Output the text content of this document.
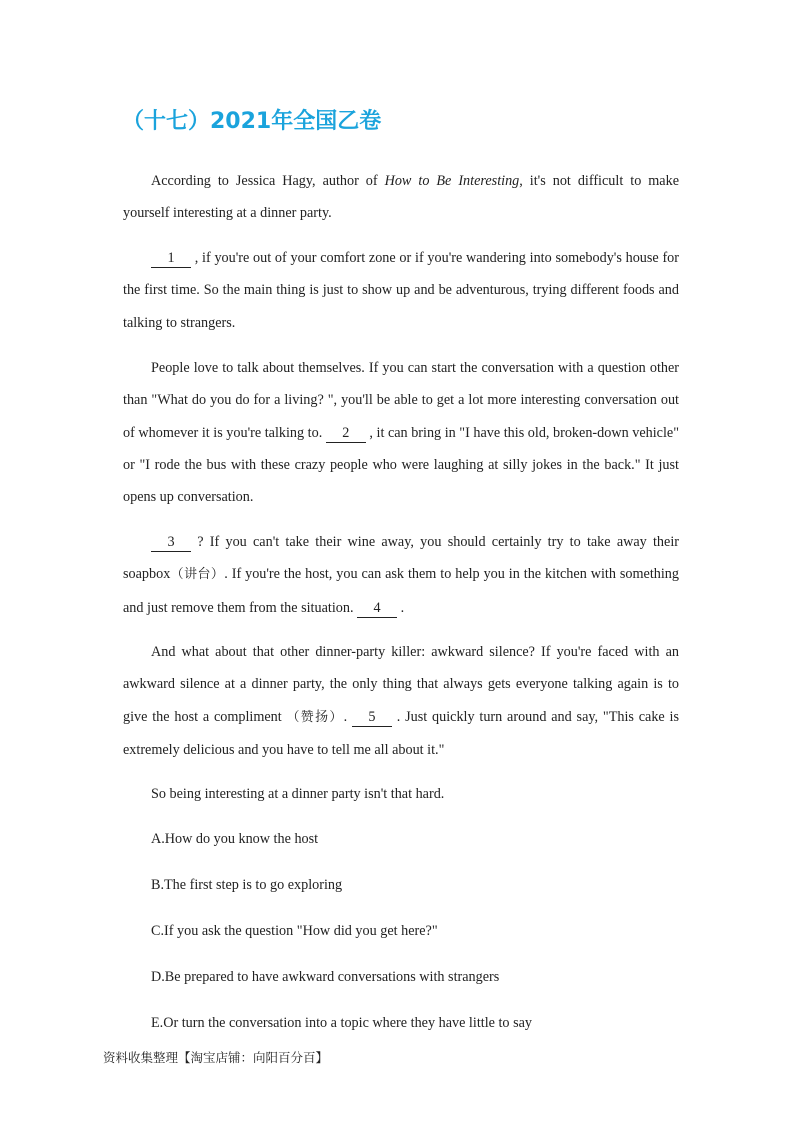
（十七）2021年全国乙卷

According to Jessica Hagy, author of How to Be Interesting, it's not difficult to make yourself interesting at a dinner party.

1 , if you're out of your comfort zone or if you're wandering into somebody's house for the first time. So the main thing is just to show up and be adventurous, trying different foods and talking to strangers.

People love to talk about themselves. If you can start the conversation with a question other than "What do you do for a living? ", you'll be able to get a lot more interesting conversation out of whomever it is you're talking to. 2 , it can bring in "I have this old, broken-down vehicle" or "I rode the bus with these crazy people who were laughing at silly jokes in the back." It just opens up conversation.

3 ? If you can't take their wine away, you should certainly try to take away their soapbox（讲台）. If you're the host, you can ask them to help you in the kitchen with something and just remove them from the situation. 4 .

And what about that other dinner-party killer: awkward silence? If you're faced with an awkward silence at a dinner party, the only thing that always gets everyone talking again is to give the host a compliment （赞扬）. 5 . Just quickly turn around and say, "This cake is extremely delicious and you have to tell me all about it."

So being interesting at a dinner party isn't that hard.

A.How do you know the host
B.The first step is to go exploring
C.If you ask the question "How did you get here?"
D.Be prepared to have awkward conversations with strangers
E.Or turn the conversation into a topic where they have little to say
资料收集整理【淘宝店铺：向阳百分百】
